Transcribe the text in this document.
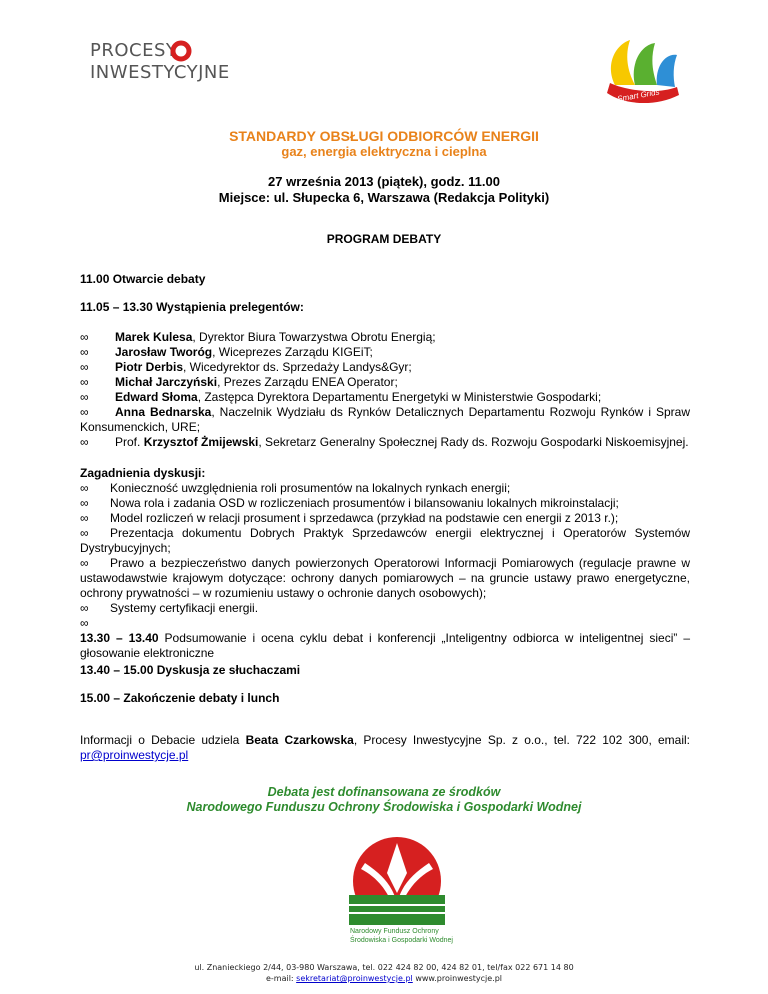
PROCESY
INWESTYCYJNE
Smart Grids
STANDARDY OBSŁUGI ODBIORCÓW ENERGII
gaz, energia elektryczna i cieplna
27 września 2013 (piątek), godz. 11.00
Miejsce: ul. Słupecka 6, Warszawa (Redakcja Polityki)
PROGRAM DEBATY
11.00 Otwarcie debaty
11.05 – 13.30 Wystąpienia prelegentów:
∞ Marek Kulesa, Dyrektor Biura Towarzystwa Obrotu Energią;
∞ Jarosław Tworóg, Wiceprezes Zarządu KIGEiT;
∞ Piotr Derbis, Wicedyrektor ds. Sprzedaży Landys&Gyr;
∞ Michał Jarczyński, Prezes Zarządu ENEA Operator;
∞ Edward Słoma, Zastępca Dyrektora Departamentu Energetyki w Ministerstwie Gospodarki;
∞ Anna Bednarska, Naczelnik Wydziału ds Rynków Detalicznych Departamentu Rozwoju Rynków i Spraw Konsumenckich, URE;
∞ Prof. Krzysztof Żmijewski, Sekretarz Generalny Społecznej Rady ds. Rozwoju Gospodarki Niskoemisyjnej.
Zagadnienia dyskusji:
∞ Konieczność uwzględnienia roli prosumentów na lokalnych rynkach energii;
∞ Nowa rola i zadania OSD w rozliczeniach prosumentów i bilansowaniu lokalnych mikroinstalacji;
∞ Model rozliczeń w relacji prosument i sprzedawca (przykład na podstawie cen energii z 2013 r.);
∞ Prezentacja dokumentu Dobrych Praktyk Sprzedawców energii elektrycznej i Operatorów Systemów Dystrybucyjnych;
∞ Prawo a bezpieczeństwo danych powierzonych Operatorowi Informacji Pomiarowych (regulacje prawne w ustawodawstwie krajowym dotyczące: ochrony danych pomiarowych – na gruncie ustawy prawo energetyczne, ochrony prywatności – w rozumieniu ustawy o ochronie danych osobowych);
∞ Systemy certyfikacji energii.
∞
13.30 – 13.40 Podsumowanie i ocena cyklu debat i konferencji „Inteligentny odbiorca w inteligentnej sieci” – głosowanie elektroniczne
13.40 – 15.00 Dyskusja ze słuchaczami
15.00 – Zakończenie debaty i lunch
Informacji o Debacie udziela Beata Czarkowska, Procesy Inwestycyjne Sp. z o.o., tel. 722 102 300, email: pr@proinwestycje.pl
Debata jest dofinansowana ze środków
Narodowego Funduszu Ochrony Środowiska i Gospodarki Wodnej
Narodowy Fundusz Ochrony
Środowiska i Gospodarki Wodnej
ul. Znanieckiego 2/44, 03-980 Warszawa, tel. 022 424 82 00, 424 82 01, tel/fax 022 671 14 80
e-mail: sekretariat@proinwestycje.pl www.proinwestycje.pl
